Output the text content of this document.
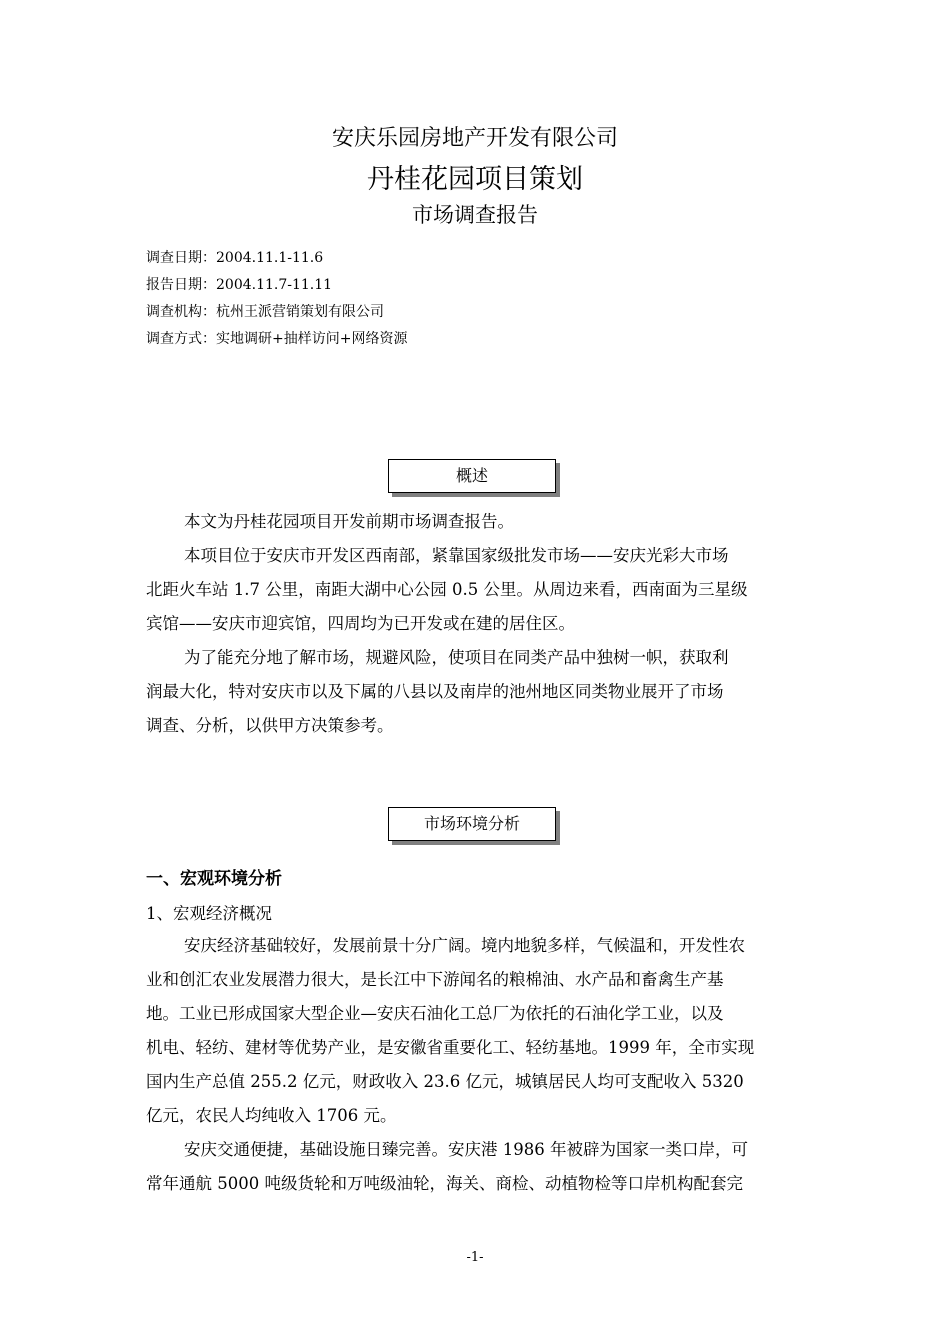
安庆乐园房地产开发有限公司
丹桂花园项目策划
市场调查报告
调查日期：2004.11.1-11.6
报告日期：2004.11.7-11.11
调查机构：杭州王派营销策划有限公司
调查方式：实地调研+抽样访问+网络资源
概述
本文为丹桂花园项目开发前期市场调查报告。
本项目位于安庆市开发区西南部，紧靠国家级批发市场——安庆光彩大市场
北距火车站 1.7 公里，南距大湖中心公园 0.5 公里。从周边来看，西南面为三星级
宾馆——安庆市迎宾馆，四周均为已开发或在建的居住区。
为了能充分地了解市场，规避风险，使项目在同类产品中独树一帜，获取利
润最大化，特对安庆市以及下属的八县以及南岸的池州地区同类物业展开了市场
调查、分析，以供甲方决策参考。
市场环境分析
一、宏观环境分析
1、宏观经济概况
安庆经济基础较好，发展前景十分广阔。境内地貌多样，气候温和，开发性农
业和创汇农业发展潜力很大，是长江中下游闻名的粮棉油、水产品和畜禽生产基
地。工业已形成国家大型企业—安庆石油化工总厂为依托的石油化学工业，以及
机电、轻纺、建材等优势产业，是安徽省重要化工、轻纺基地。1999 年，全市实现
国内生产总值 255.2 亿元，财政收入 23.6 亿元，城镇居民人均可支配收入 5320
亿元，农民人均纯收入 1706 元。
安庆交通便捷，基础设施日臻完善。安庆港 1986 年被辟为国家一类口岸，可
常年通航 5000 吨级货轮和万吨级油轮，海关、商检、动植物检等口岸机构配套完
-1-
